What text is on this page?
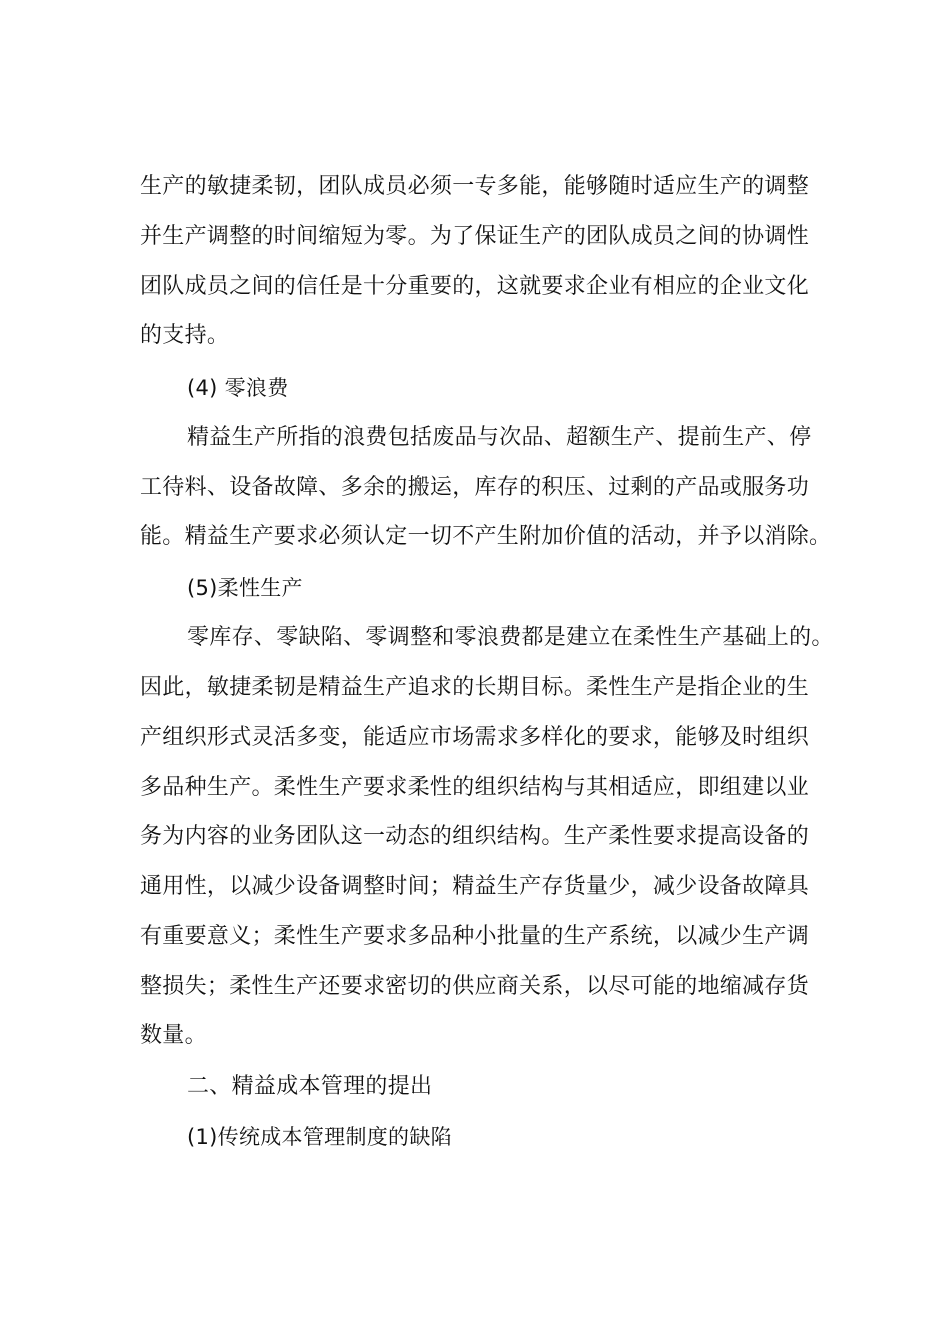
生产的敏捷柔韧，团队成员必须一专多能，能够随时适应生产的调整
并生产调整的时间缩短为零。为了保证生产的团队成员之间的协调性
团队成员之间的信任是十分重要的，这就要求企业有相应的企业文化
的支持。
(4) 零浪费
精益生产所指的浪费包括废品与次品、超额生产、提前生产、停
工待料、设备故障、多余的搬运，库存的积压、过剩的产品或服务功
能。精益生产要求必须认定一切不产生附加价值的活动，并予以消除。
(5)柔性生产
零库存、零缺陷、零调整和零浪费都是建立在柔性生产基础上的。
因此，敏捷柔韧是精益生产追求的长期目标。柔性生产是指企业的生
产组织形式灵活多变，能适应市场需求多样化的要求，能够及时组织
多品种生产。柔性生产要求柔性的组织结构与其相适应，即组建以业
务为内容的业务团队这一动态的组织结构。生产柔性要求提高设备的
通用性，以减少设备调整时间；精益生产存货量少，减少设备故障具
有重要意义；柔性生产要求多品种小批量的生产系统，以减少生产调
整损失；柔性生产还要求密切的供应商关系，以尽可能的地缩减存货
数量。
二、精益成本管理的提出
(1)传统成本管理制度的缺陷
